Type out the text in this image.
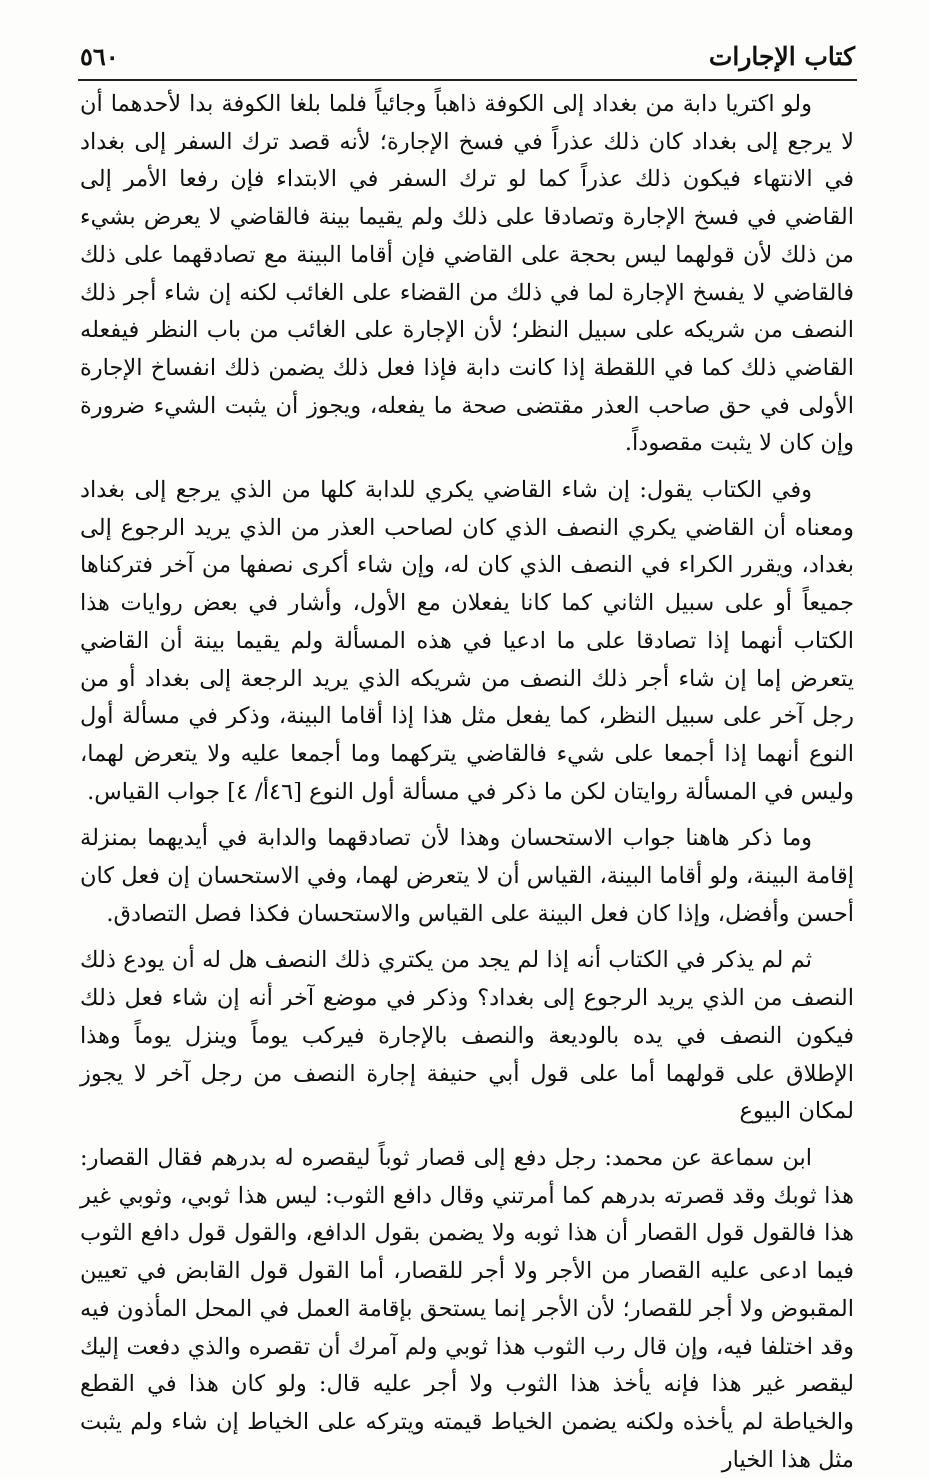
كتاب الإجارات
٥٦٠

ولو اكتريا دابة من بغداد إلى الكوفة ذاهباً وجائياً فلما بلغا الكوفة بدا لأحدهما أن لا يرجع إلى بغداد كان ذلك عذراً في فسخ الإجارة؛ لأنه قصد ترك السفر إلى بغداد في الانتهاء فيكون ذلك عذراً كما لو ترك السفر في الابتداء فإن رفعا الأمر إلى القاضي في فسخ الإجارة وتصادقا على ذلك ولم يقيما بينة فالقاضي لا يعرض بشيء من ذلك لأن قولهما ليس بحجة على القاضي فإن أقاما البينة مع تصادقهما على ذلك فالقاضي لا يفسخ الإجارة لما في ذلك من القضاء على الغائب لكنه إن شاء أجر ذلك النصف من شريكه على سبيل النظر؛ لأن الإجارة على الغائب من باب النظر فيفعله القاضي ذلك كما في اللقطة إذا كانت دابة فإذا فعل ذلك يضمن ذلك انفساخ الإجارة الأولى في حق صاحب العذر مقتضى صحة ما يفعله، ويجوز أن يثبت الشيء ضرورة وإن كان لا يثبت مقصوداً.

وفي الكتاب يقول: إن شاء القاضي يكري للدابة كلها من الذي يرجع إلى بغداد ومعناه أن القاضي يكري النصف الذي كان لصاحب العذر من الذي يريد الرجوع إلى بغداد، ويقرر الكراء في النصف الذي كان له، وإن شاء أكرى نصفها من آخر فتركناها جميعاً أو على سبيل الثاني كما كانا يفعلان مع الأول، وأشار في بعض روايات هذا الكتاب أنهما إذا تصادقا على ما ادعيا في هذه المسألة ولم يقيما بينة أن القاضي يتعرض إما إن شاء أجر ذلك النصف من شريكه الذي يريد الرجعة إلى بغداد أو من رجل آخر على سبيل النظر، كما يفعل مثل هذا إذا أقاما البينة، وذكر في مسألة أول النوع أنهما إذا أجمعا على شيء فالقاضي يتركهما وما أجمعا عليه ولا يتعرض لهما، وليس في المسألة روايتان لكن ما ذكر في مسألة أول النوع [٤٦أ/ ٤] جواب القياس.

وما ذكر هاهنا جواب الاستحسان وهذا لأن تصادقهما والدابة في أيديهما بمنزلة إقامة البينة، ولو أقاما البينة، القياس أن لا يتعرض لهما، وفي الاستحسان إن فعل كان أحسن وأفضل، وإذا كان فعل البينة على القياس والاستحسان فكذا فصل التصادق.

ثم لم يذكر في الكتاب أنه إذا لم يجد من يكتري ذلك النصف هل له أن يودع ذلك النصف من الذي يريد الرجوع إلى بغداد؟ وذكر في موضع آخر أنه إن شاء فعل ذلك فيكون النصف في يده بالوديعة والنصف بالإجارة فيركب يوماً وينزل يوماً وهذا الإطلاق على قولهما أما على قول أبي حنيفة إجارة النصف من رجل آخر لا يجوز لمكان البيوع

ابن سماعة عن محمد: رجل دفع إلى قصار ثوباً ليقصره له بدرهم فقال القصار: هذا ثوبك وقد قصرته بدرهم كما أمرتني وقال دافع الثوب: ليس هذا ثوبي، وثوبي غير هذا فالقول قول القصار أن هذا ثوبه ولا يضمن بقول الدافع، والقول قول دافع الثوب فيما ادعى عليه القصار من الأجر ولا أجر للقصار، أما القول قول القابض في تعيين المقبوض ولا أجر للقصار؛ لأن الأجر إنما يستحق بإقامة العمل في المحل المأذون فيه وقد اختلفا فيه، وإن قال رب الثوب هذا ثوبي ولم آمرك أن تقصره والذي دفعت إليك ليقصر غير هذا فإنه يأخذ هذا الثوب ولا أجر عليه قال: ولو كان هذا في القطع والخياطة لم يأخذه ولكنه يضمن الخياط قيمته ويتركه على الخياط إن شاء ولم يثبت مثل هذا الخيار
